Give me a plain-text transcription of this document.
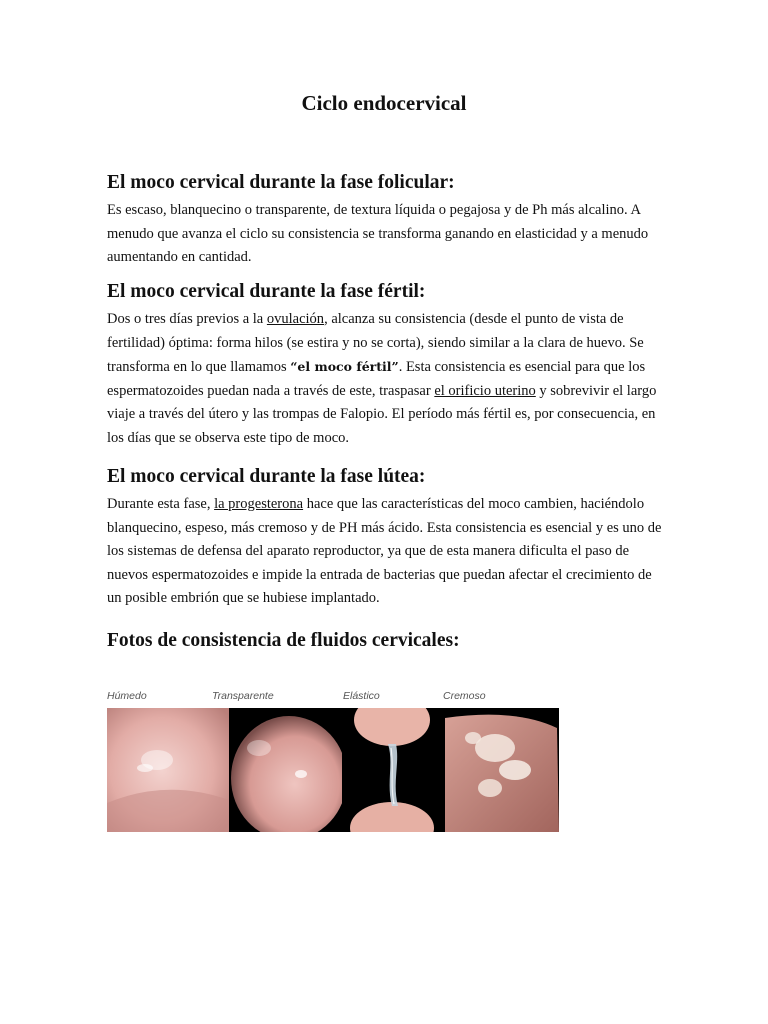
Ciclo endocervical
El moco cervical durante la fase folicular:

Es escaso, blanquecino o transparente, de textura líquida o pegajosa y de Ph más alcalino. A menudo que avanza el ciclo su consistencia se transforma ganando en elasticidad y a menudo aumentando en cantidad.

El moco cervical durante la fase fértil:

Dos o tres días previos a la ovulación, alcanza su consistencia (desde el punto de vista de fertilidad) óptima: forma hilos (se estira y no se corta), siendo similar a la clara de huevo. Se transforma en lo que llamamos “el moco fértil”. Esta consistencia es esencial para que los espermatozoides puedan nada a través de este, traspasar el orificio uterino y sobrevivir el largo viaje a través del útero y las trompas de Falopio. El período más fértil es, por consecuencia, en los días que se observa este tipo de moco.

El moco cervical durante la fase lútea:

Durante esta fase, la progesterona hace que las características del moco cambien, haciéndolo blanquecino, espeso, más cremoso y de PH más ácido. Esta consistencia es esencial y es uno de los sistemas de defensa del aparato reproductor, ya que de esta manera dificulta el paso de nuevos espermatozoides e impide la entrada de bacterias que puedan afectar el crecimiento de un posible embrión que se hubiese implantado.

Fotos de consistencia de fluidos cervicales:
Húmedo	Transparente	Elástico	Cremoso
